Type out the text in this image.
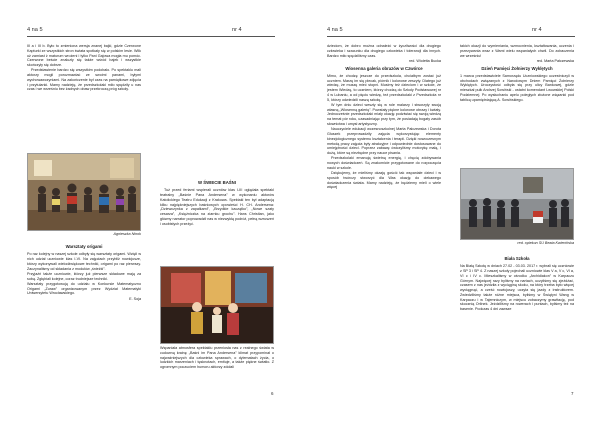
4 na 5	nr 4

III a i III b. Było to zmieniona wersja znanej bajki, gdzie Czerwone Kapturki ze wszystkich stron świata spotkały się w polskim lesie. Wilk uż zamiast ż maturum wrożeni i tylko Pani Gajowa mogła mu pomóc. Czerwone beście znaluzły się także wśród bajek i wszystkie skończyły się dobrze.

Przedstawienie bardzo się wszystkim podobało. Po spektaklu mali aktorzy mogli porozmawiać ze swoimi panami, byłymi wychowawczyniami. Na zakończenie był czas na pamiątkowe zdjęcia i przytulanki. Mamy nadzieję, że przedszkolaki miło spędziły u nas czas i we wrześniu bez żadnych obaw przekroczą próg szkoły.

Agnieszka Ninok
Warsztaty origami

Po raz kolejny w naszej szkole odbyły się warsztaty origami. Wzięli w nich udział uczniowie klas I-VI. Na zajęciach przybliż nowicjusze, którzy wykonywali wielodźwiękowe techniki, origami po raz pierwszy. Zaczynaliśmy od składania z modułów „śnieżki”.

Przyjaźń także uczniowie, którzy już pierwsze składowe mają za sobą. Zgłębiali kolejne, coraz trudniejsze techniki.

Warsztaty przygotowują do udziału w Konkursie Matematyczno Origami „Żuraw” organizowanym przez Wydział Matematyki Uniwersytetu Wrocławskiego.

E. Soja

W ŚWIECIE BAŚNI

Tuż przed feriami wspierali uczniów klas I-III oglądała spektakl teatralny „Baśnie Pana Andersena” w wykonaniu aktorów Katolickiego Teatru Edukacji z Krakowa. Spektakl ten był adaptacją kilku najpiękniejszych baśniowych opowieści H. CH. Andersena: „Dziewczynka z zapałkami”, „Brzydkie kaczątko”, „Nowe szaty cesarza”, „Księżniczka na ziarnku grochu”. Hans Christian, jako główny narrator poprowadził nas w niezwykłą podróż, pełną wzruszeń i osobistych przeżyć.

Wspaniała atmosfera spektaklu przeniosła nas z realnego świata w cudowną krainę „Baśni im Pana Andersena” klimat przypominał o najważniejszych dla człowieka sprawach, o dylematach życia, o ludzkich marzeniach i tęsknotach, emituje, a także piękne światło. Z ogromnym poczuciem humoru aktorzy zdołali

6
4 na 5	nr 4

dzieciom, że dobro można odnaleźć w życzliwości dla drugiego człowieka i szacunku dla drugiego człowieka i tolerancji dla innych. Bardzo miło spędziliśmy czas.

red. Wioletta Bucka

Wiosenna galeria obrazów w Czwórce

Mimo, że chodzę jeszcze do przedszkola, chciałbym zostać już uczniem. Marzę im się plecak, piórnik i kolorowe zeszyty. Dlatego już wiedzę, że muszę mieć stopni. Musimy też dzieciom i w szkole, że jestem Wiedzę, to uczniem, którzy chodzą do Szkoły Podstawowej nr 4 w Lubaniu, a od pięciu wiedzę, też przedszkolaki z Przedszkola nr 5, którzy odwiedzili naszą szkołę.

W tym dniu dzieci weszły się w role malarzy i stworzyły swoją własną „Wiosenną galerię”. Powstały piękne kolorowe obrazy i kwiaty. Jednocześnie przedszkolaki miały okazję podziwiać się swoją wiedzą na temat pór roku, uzasadniając przy tym, że posiadają bogaty zasób słownictwa i umysł artystyczny.

Nauczyciele edukacji wczesnoszkolnej Marta Pałczewska i Dorota Głuszek przeprowadziły zajęcia wykorzystując elementy kinezjologicznego systemu kształcenia i terapii. Dzięki nowoczesnym metodą pracy zajęcia były atrakcyjne i odpowiednie dostosowane do umiejętności dzieci. Poprzez zabawę ćwiczyliśmy motorykę małą, i dużą, które są niezbędne przy nauce pisania.

Przedszkolaki emanują świetną energią, i chęcią zdobywania nowych doświadczeń. Są znakomicie przygotowane do rozpoczęcia nauki w szkole.

Dziękujemy, że mieliśmy okazję gościć tak wspaniałe dzieci i w sposób twórczy stworzyć dla Was okazję do ciekawego doświadczenia świata. Mamy nadzieję, że będziemy mieli o wiele więcej

takich okazji do wymieniania, wzmocnienia, kształtowania, uczenia i przezywania wraz z Wami wielu wspaniałych chwil. Do zobaczenia we wrześniu!

red. Marta Pałczewska

Dzień Pamięci Żołnierzy Wyklętych

1 marca przedstawiciele Samorządu Uczniowskiego uczestniczyli w obchodach związanych z Narodowym Dniem Pamięci Żołnierzy Wyklętych. Uroczystość odbyła się przy ulicy Bankowej, gdzie mieszkał pułk Andrzej Sowiński - ostatni komendant Lwowskiej Polski Podziemnej. Po wysłuchaniu apelu poległych złożone wiązanki pod tablicą upamiętniającą A. Sowińskiego.

red. opiekun SU Beata Kwiecińska
Biała Szkoła

Na Białą Szkołę w dniach 27.02 - 03.03. 2017 r. wybrali się uczniowie z SP 3 i SP 4. Z naszej szkoły pojechali uczniowie klas V a, V c, VI a, VI c i IV c. Mieszkaliśmy w ośrodku „Archidiakon” w Karpaczu Górnym. Najwięcej razy byliśmy na nartach, uczyliśmy się zjeżdżać, czasem z nas jeździła z wyciąginą skoku, na który trzeba było więcej wyciągnąć, a cześć nowicjuszy, uczyła się jazdy z instruktorem. Zwiedziliśmy także różne miejsca, byliśmy w Świątyni Wang w Karpaczu i w Tajemniczym, w miejscu zobaczymy grawitację, pod skocznią Orlinek. Jeździliśmy na rowerach i puntach, byliśmy też na basenie. Podczas 4 dni zawsze

7
